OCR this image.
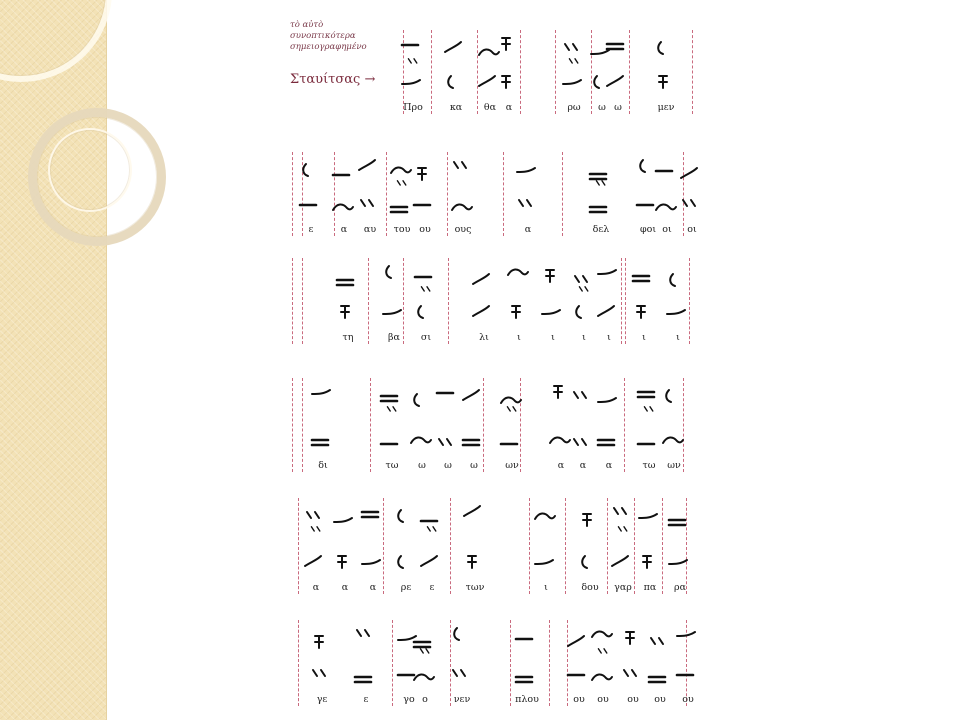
τὸ αὐτὸ
συνοπτικότερα
σημειογραφημένο
Σταυίτσας →
Προ	κα θα α	ρω ω ω	μεν
ε	α αυ του ου	ους	α	δελ	φοι οι οι
τη	βα σι	λι	ι	ι	ι ι	ι	ι
δι	τω ω ω ω	ων	α α α	τω ων
α α α	ρε ε	των	ι	δου γαρ πα ρα
γε	ε	γο ο	νεν	πλου	ου ου ου ου ου
